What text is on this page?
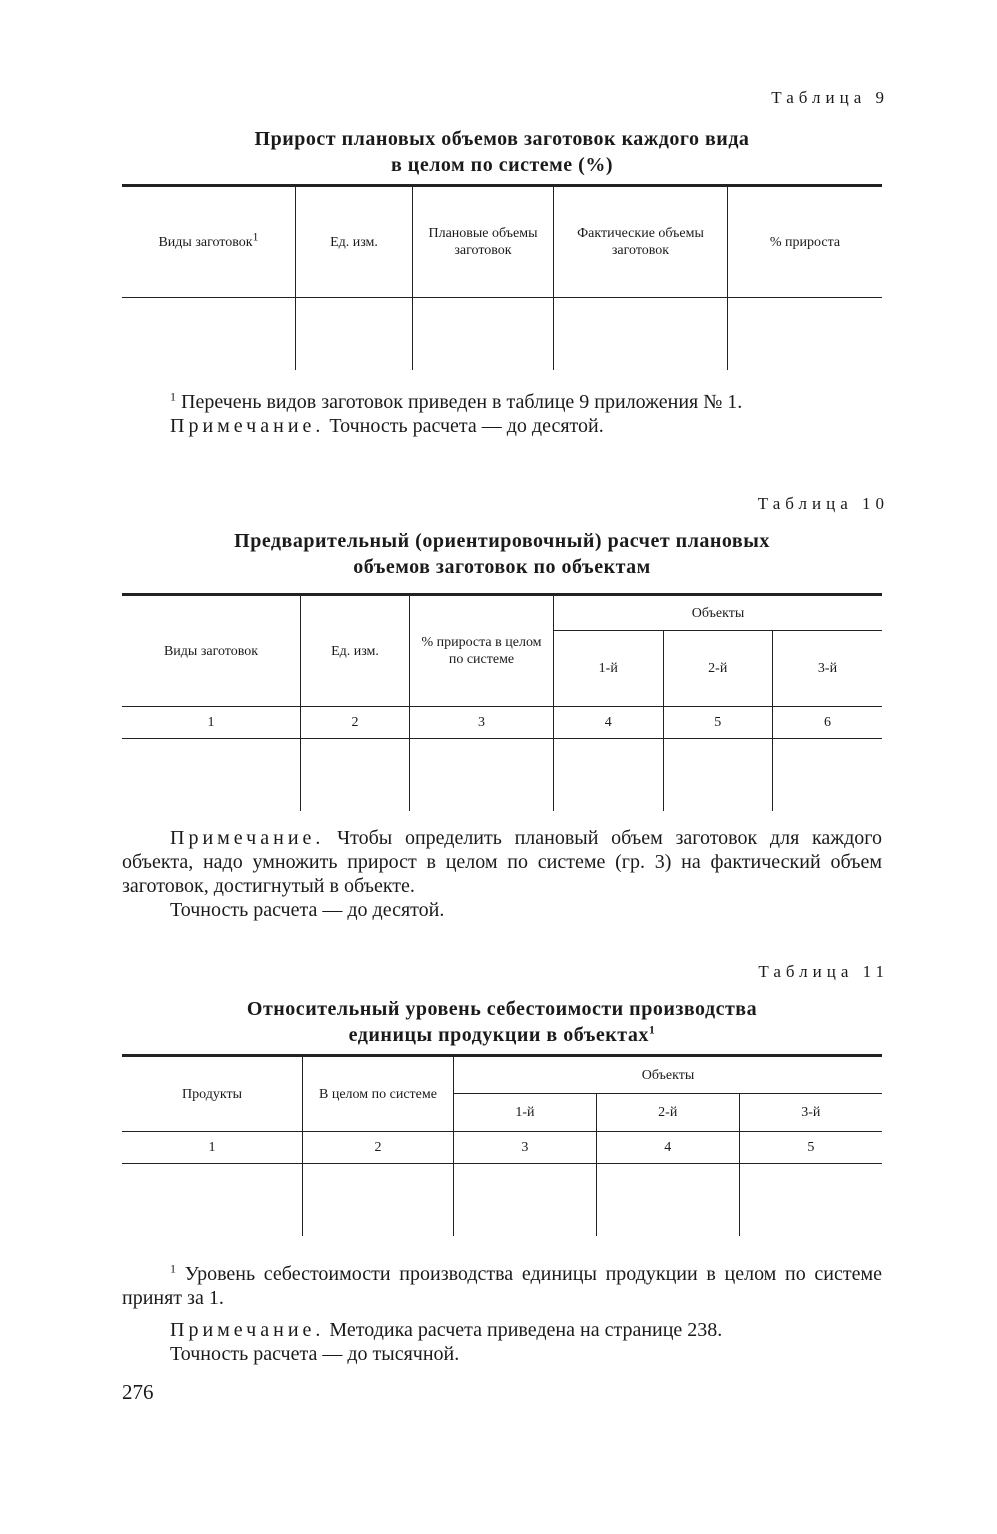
Таблица 9
Прирост плановых объемов заготовок каждого вида
в целом по системе (%)
Виды заготовок1	Ед. изм.	Плановые объемы заготовок	Фактические объемы заготовок	% прироста

$^1$ Перечень видов заготовок приведен в таблице 9 приложения № 1.
Примечание. Точность расчета — до десятой.
Таблица 10
Предварительный (ориентировочный) расчет плановых
объемов заготовок по объектам
Виды заготовок	Ед. изм.	% прироста в целом по системе	Объекты		
			1-й	2-й	3-й
1	2	3	4	5	6

Примечание. Чтобы определить плановый объем заготовок для каждого объекта, надо умножить прирост в целом по системе (гр. 3) на фактический объем заготовок, достигнутый в объекте.
Точность расчета — до десятой.
Таблица 11
Относительный уровень себестоимости производства
единицы продукции в объектах$^1$
Продукты	В целом по системе	Объекты		
		1-й	2-й	3-й
1	2	3	4	5

$^1$ Уровень себестоимости производства единицы продукции в целом по системе принят за 1.
Примечание. Методика расчета приведена на странице 238.
Точность расчета — до тысячной.
276
